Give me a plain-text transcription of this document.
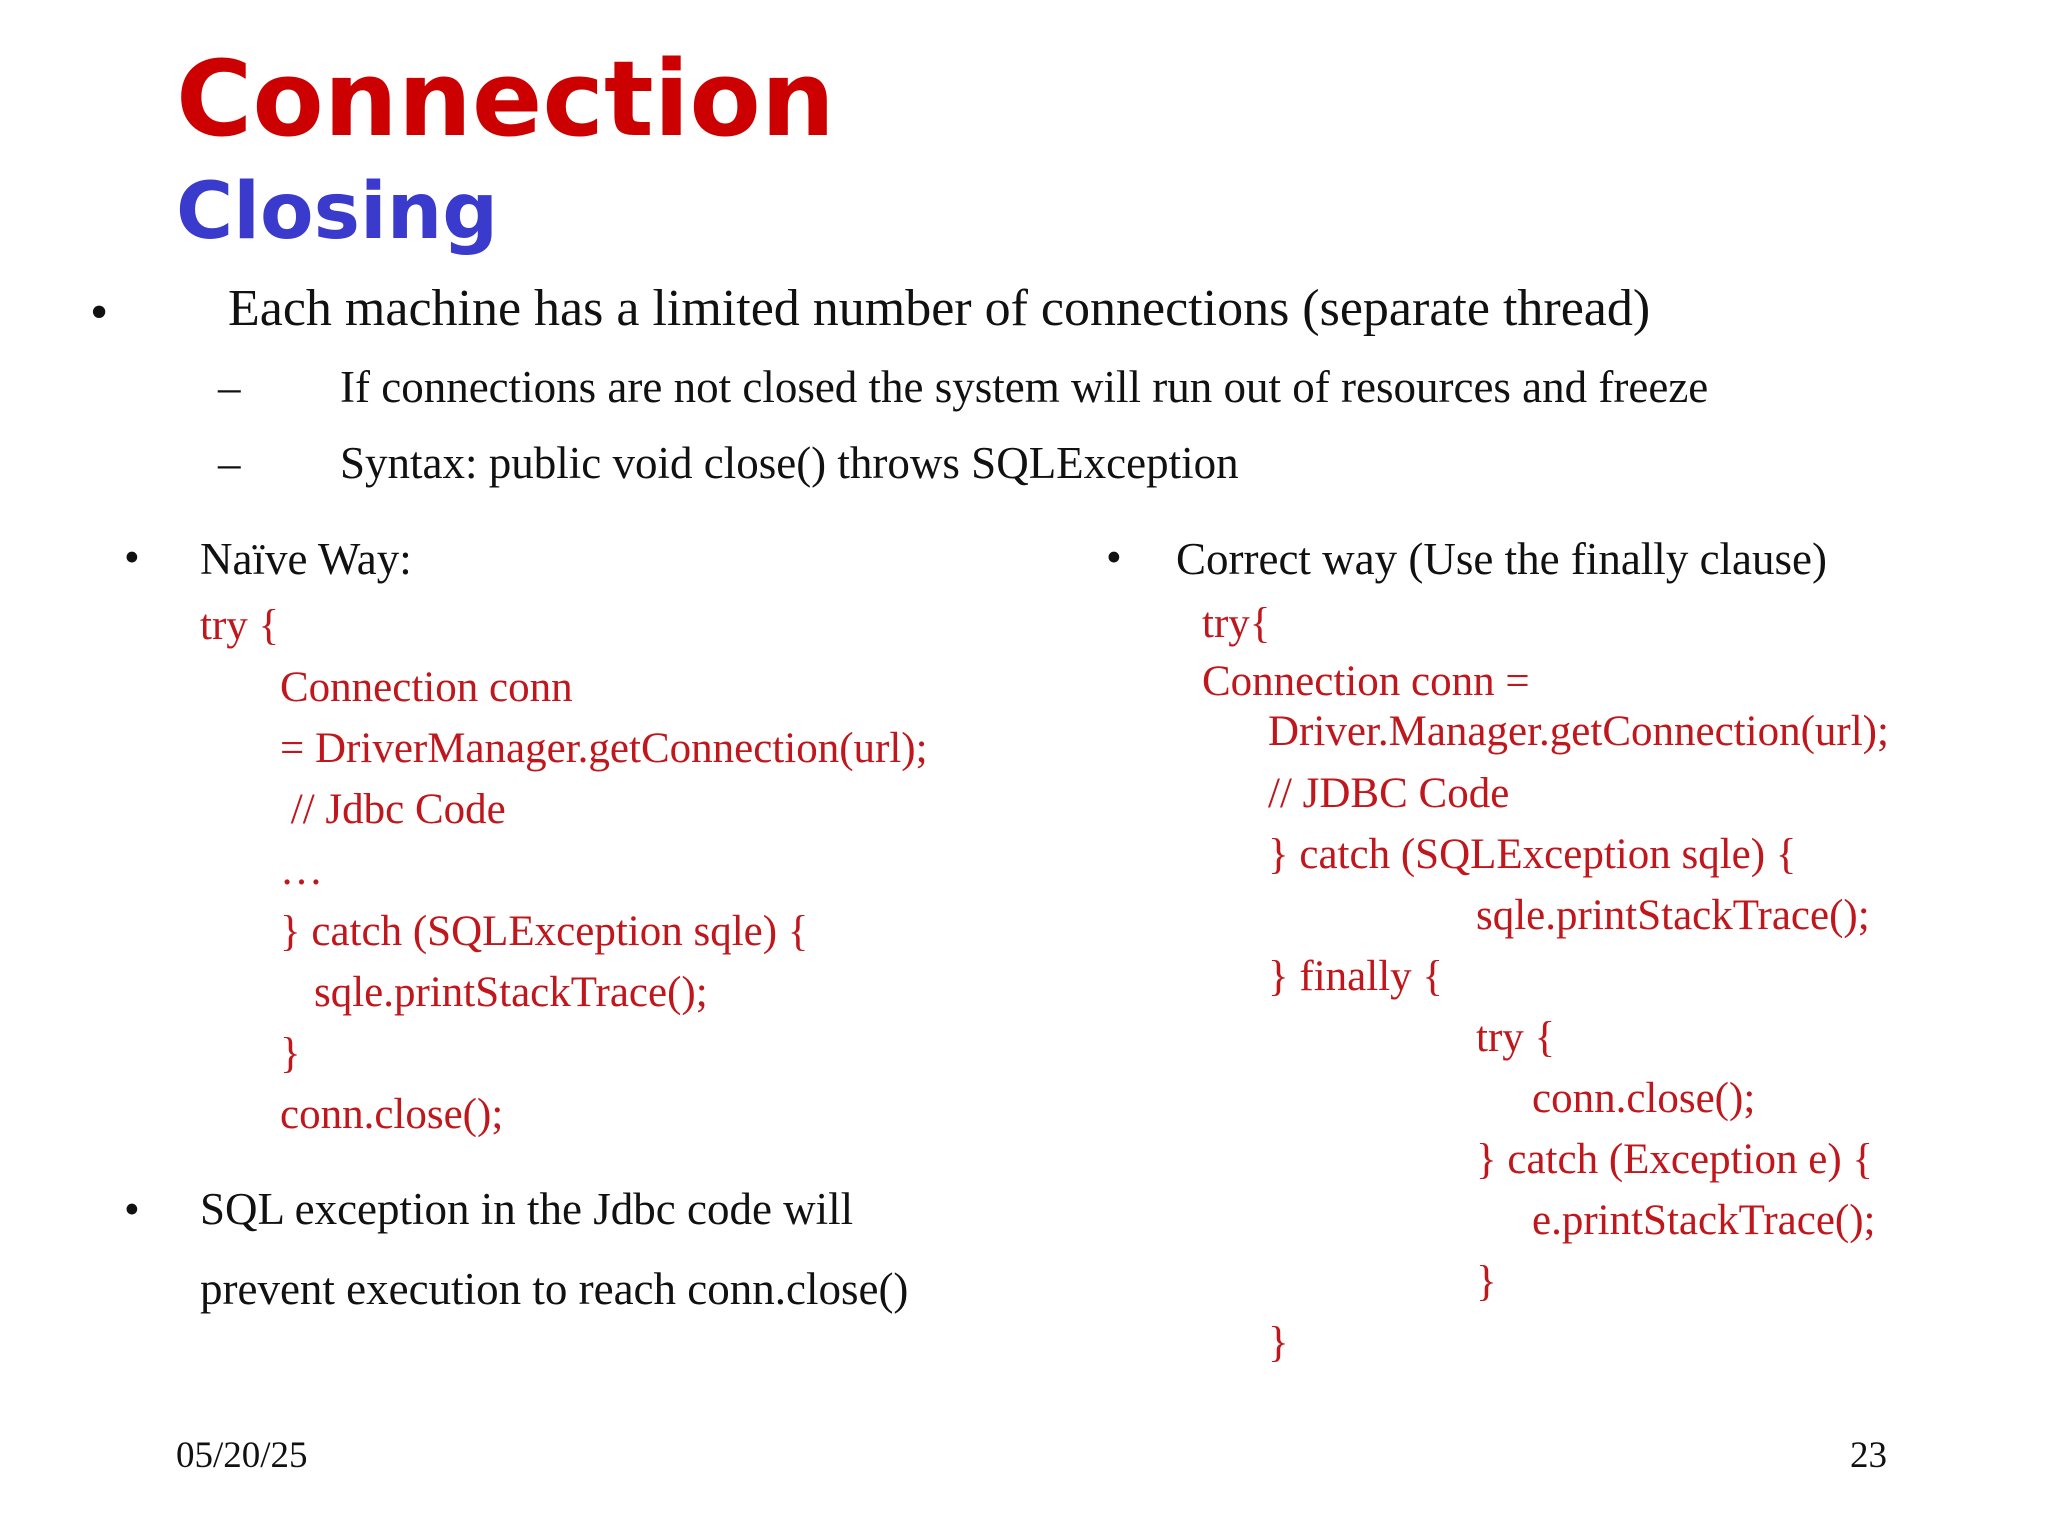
Connection
Closing
• Each machine has a limited number of connections (separate thread)
– If connections are not closed the system will run out of resources and freeze
– Syntax: public void close() throws SQLException
• Naïve Way:
try {
Connection conn
= DriverManager.getConnection(url);
// Jdbc Code
…
} catch (SQLException sqle) {
sqle.printStackTrace();
}
conn.close();
• SQL exception in the Jdbc code will
prevent execution to reach conn.close()
• Correct way (Use the finally clause)
try{
Connection conn =
Driver.Manager.getConnection(url);
// JDBC Code
} catch (SQLException sqle) {
sqle.printStackTrace();
} finally {
try {
conn.close();
} catch (Exception e) {
e.printStackTrace();
}
}
05/20/25	23
